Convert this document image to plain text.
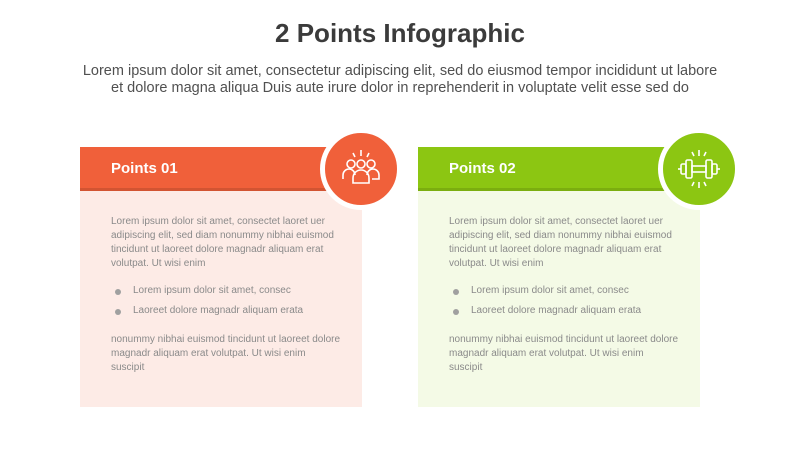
2 Points Infographic
Lorem ipsum dolor sit amet, consectetur adipiscing elit, sed do eiusmod tempor incididunt ut labore
et dolore magna aliqua Duis aute irure dolor in reprehenderit in voluptate velit esse sed do
Points 01
Lorem ipsum dolor sit amet, consectet laoret uer adipiscing elit, sed diam nonummy nibhai euismod tincidunt ut laoreet dolore magnadr aliquam erat volutpat. Ut wisi enim
Lorem ipsum dolor sit amet, consec
Laoreet dolore magnadr aliquam erata
nonummy nibhai euismod tincidunt ut laoreet dolore magnadr aliquam erat volutpat. Ut wisi enim suscipit
Points 02
Lorem ipsum dolor sit amet, consectet laoret uer adipiscing elit, sed diam nonummy nibhai euismod tincidunt ut laoreet dolore magnadr aliquam erat volutpat. Ut wisi enim
Lorem ipsum dolor sit amet, consec
Laoreet dolore magnadr aliquam erata
nonummy nibhai euismod tincidunt ut laoreet dolore magnadr aliquam erat volutpat. Ut wisi enim suscipit
